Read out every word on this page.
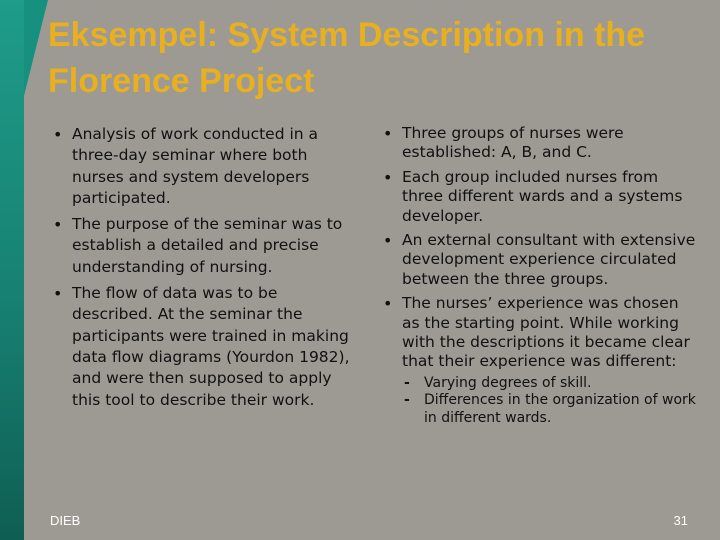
Eksempel: System Description in the Florence Project
• Analysis of work conducted in a three-day seminar where both nurses and system developers participated.
• The purpose of the seminar was to establish a detailed and precise understanding of nursing.
• The flow of data was to be described. At the seminar the participants were trained in making data flow diagrams (Yourdon 1982), and were then supposed to apply this tool to describe their work.
• Three groups of nurses were established: A, B, and C.
• Each group included nurses from three different wards and a systems developer.
• An external consultant with extensive development experience circulated between the three groups.
• The nurses’ experience was chosen as the starting point. While working with the descriptions it became clear that their experience was different:
- Varying degrees of skill.
- Differences in the organization of work in different wards.
DIEB	31
